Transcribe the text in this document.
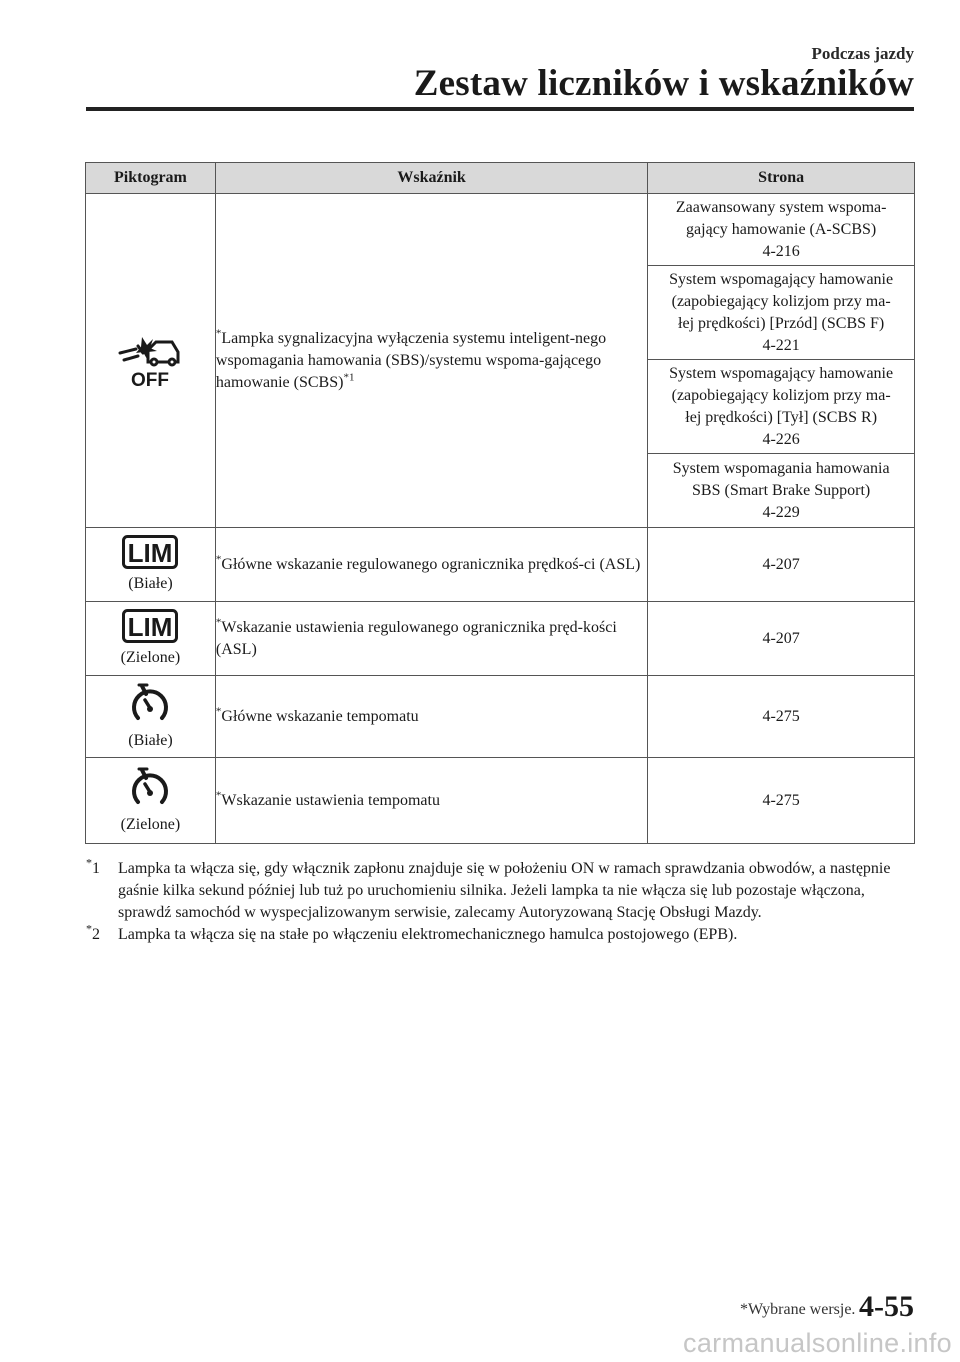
Podczas jazdy
Zestaw liczników i wskaźników
Piktogram	Wskaźnik	Strona

OFF	*Lampka sygnalizacyjna wyłączenia systemu inteligent-nego wspomagania hamowania (SBS)/systemu wspoma-gającego hamowanie (SCBS)$^{*1}$	Zaawansowany system wspoma-
gający hamowanie (A-SCBS)
4-216

		System wspomagający hamowanie
(zapobiegający kolizjom przy ma-
łej prędkości) [Przód] (SCBS F)
4-221

		System wspomagający hamowanie
(zapobiegający kolizjom przy ma-
łej prędkości) [Tył] (SCBS R)
4-226

		System wspomagania hamowania
SBS (Smart Brake Support)
4-229

LIM
(Białe)	*Główne wskazanie regulowanego ogranicznika prędkoś-ci (ASL)	4-207

LIM
(Zielone)	*Wskazanie ustawienia regulowanego ogranicznika pręd-kości (ASL)	4-207

(Białe)	*Główne wskazanie tempomatu	4-275

(Zielone)	*Wskazanie ustawienia tempomatu	4-275
*1 Lampka ta włącza się, gdy włącznik zapłonu znajduje się w położeniu ON w ramach sprawdzania obwodów, a następnie gaśnie kilka sekund później lub tuż po uruchomieniu silnika. Jeżeli lampka ta nie włącza się lub pozostaje włączona, sprawdź samochód w wyspecjalizowanym serwisie, zalecamy Autoryzowaną Stację Obsługi Mazdy.
*2 Lampka ta włącza się na stałe po włączeniu elektromechanicznego hamulca postojowego (EPB).
*Wybrane wersje. 4-55
carmanualsonline.info
